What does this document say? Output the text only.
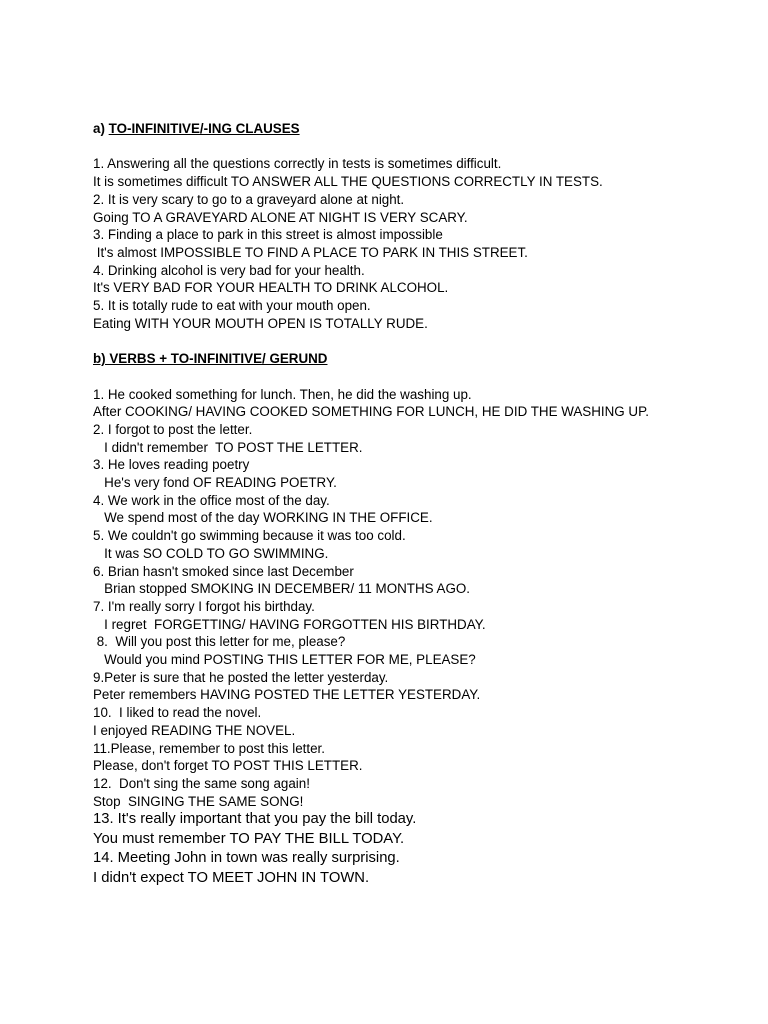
a) TO-INFINITIVE/-ING CLAUSES

1. Answering all the questions correctly in tests is sometimes difficult.

It is sometimes difficult TO ANSWER ALL THE QUESTIONS CORRECTLY IN TESTS.

2. It is very scary to go to a graveyard alone at night.

Going TO A GRAVEYARD ALONE AT NIGHT IS VERY SCARY.

3. Finding a place to park in this street is almost impossible

It's almost IMPOSSIBLE TO FIND A PLACE TO PARK IN THIS STREET.

4. Drinking alcohol is very bad for your health.

It's VERY BAD FOR YOUR HEALTH TO DRINK ALCOHOL.

5. It is totally rude to eat with your mouth open.

Eating WITH YOUR MOUTH OPEN IS TOTALLY RUDE.

b) VERBS + TO-INFINITIVE/ GERUND

1. He cooked something for lunch. Then, he did the washing up.

After COOKING/ HAVING COOKED SOMETHING FOR LUNCH, HE DID THE WASHING UP.

2. I forgot to post the letter.

I didn't remember  TO POST THE LETTER.

3. He loves reading poetry

He's very fond OF READING POETRY.

4. We work in the office most of the day.

We spend most of the day WORKING IN THE OFFICE.

5. We couldn't go swimming because it was too cold.

It was SO COLD TO GO SWIMMING.

6. Brian hasn't smoked since last December

Brian stopped SMOKING IN DECEMBER/ 11 MONTHS AGO.

7. I'm really sorry I forgot his birthday.

I regret  FORGETTING/ HAVING FORGOTTEN HIS BIRTHDAY.

8.  Will you post this letter for me, please?

Would you mind POSTING THIS LETTER FOR ME, PLEASE?

9.Peter is sure that he posted the letter yesterday.

Peter remembers HAVING POSTED THE LETTER YESTERDAY.

10.  I liked to read the novel.

I enjoyed READING THE NOVEL.

11.Please, remember to post this letter.

Please, don't forget TO POST THIS LETTER.

12.  Don't sing the same song again!

Stop  SINGING THE SAME SONG!

13. It's really important that you pay the bill today.

You must remember TO PAY THE BILL TODAY.

14. Meeting John in town was really surprising.

I didn't expect TO MEET JOHN IN TOWN.
